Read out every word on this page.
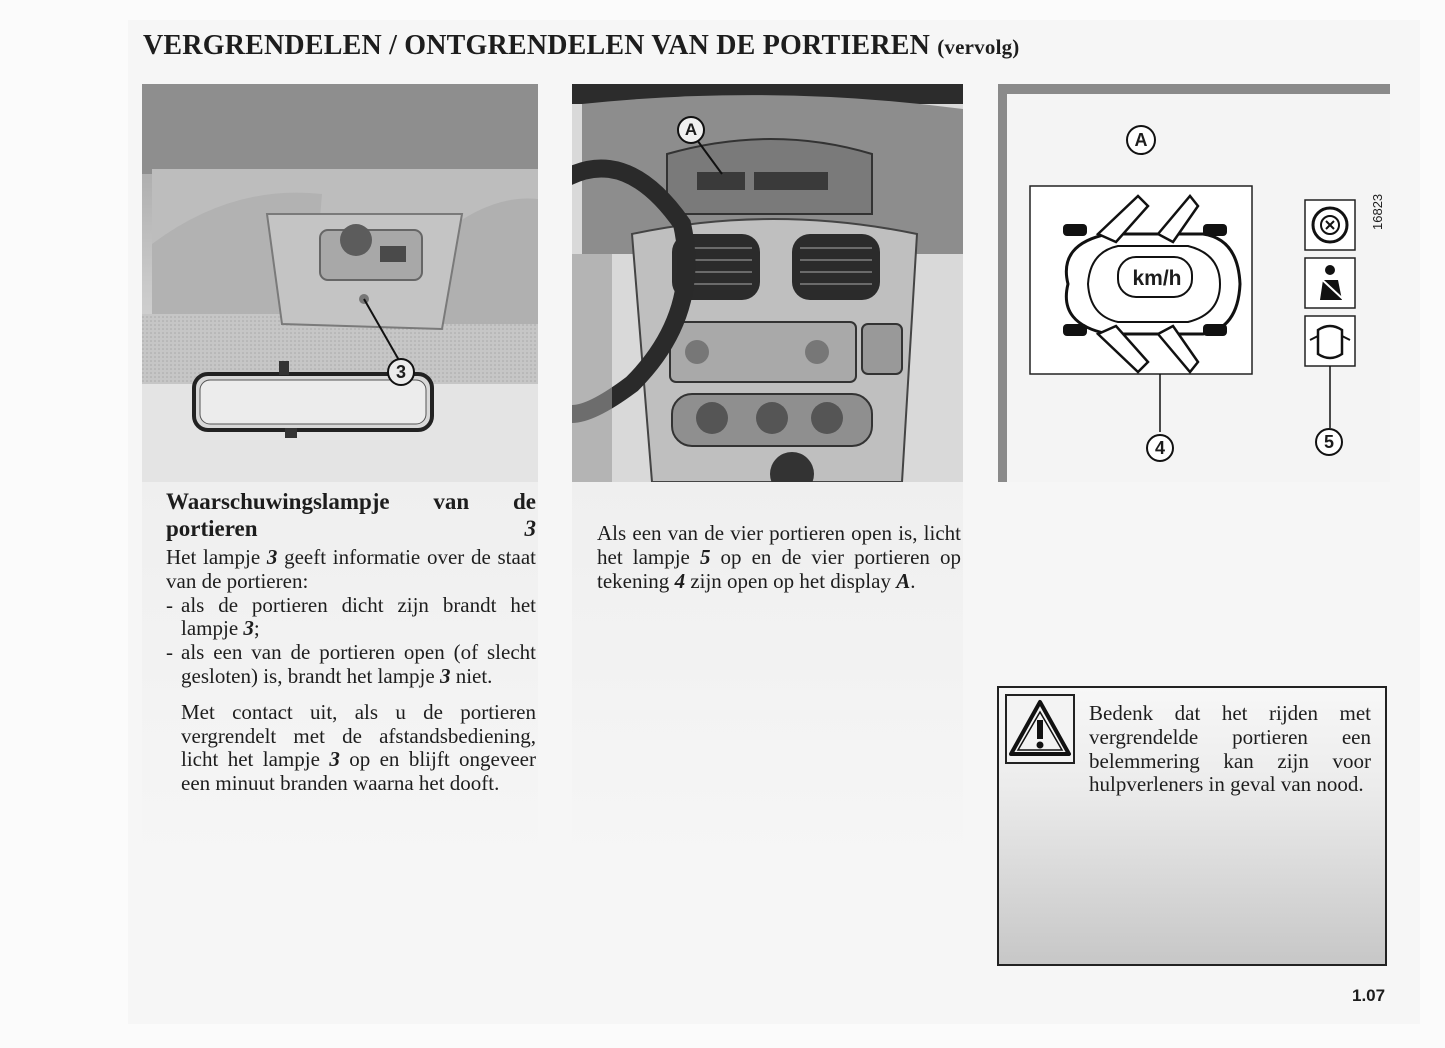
VERGRENDELEN / ONTGRENDELEN VAN DE PORTIEREN (vervolg)
3
A
km/h
A
4	5
16823
Waarschuwingslampje van de
portieren	3

Het lampje 3 geeft informatie over de staat van de portieren:

- als de portieren dicht zijn brandt het lampje 3;
- als een van de portieren open (of slecht gesloten) is, brandt het lampje 3 niet.

Met contact uit, als u de portieren vergrendelt met de afstandsbediening, licht het lampje 3 op en blijft ongeveer een minuut branden waarna het dooft.

Als een van de vier portieren open is, licht het lampje 5 op en de vier portieren op tekening 4 zijn open op het display A.

Bedenk dat het rijden met vergrendelde portieren een belemmering kan zijn voor hulpverleners in geval van nood.
1.07
